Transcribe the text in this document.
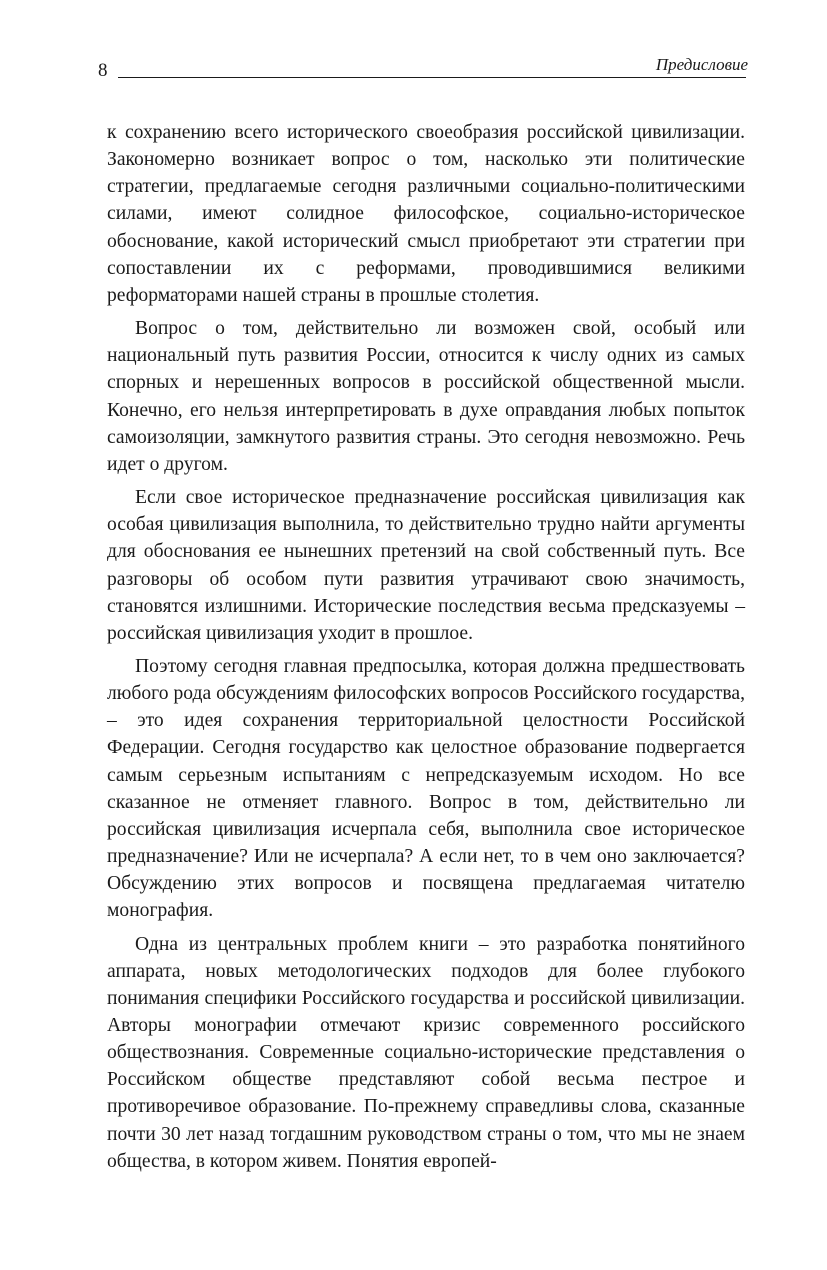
8	Предисловие

к сохранению всего исторического своеобразия российской цивилизации. Закономерно возникает вопрос о том, насколько эти политические стратегии, предлагаемые сегодня различными социально-политическими силами, имеют солидное философское, социально-историческое обоснование, какой исторический смысл приобретают эти стратегии при сопоставлении их с реформами, проводившимися великими реформаторами нашей страны в прошлые столетия.

Вопрос о том, действительно ли возможен свой, особый или национальный путь развития России, относится к числу одних из самых спорных и нерешенных вопросов в российской общественной мысли. Конечно, его нельзя интерпретировать в духе оправдания любых попыток самоизоляции, замкнутого развития страны. Это сегодня невозможно. Речь идет о другом.

Если свое историческое предназначение российская цивилизация как особая цивилизация выполнила, то действительно трудно найти аргументы для обоснования ее нынешних претензий на свой собственный путь. Все разговоры об особом пути развития утрачивают свою значимость, становятся излишними. Исторические последствия весьма предсказуемы – российская цивилизация уходит в прошлое.

Поэтому сегодня главная предпосылка, которая должна предшествовать любого рода обсуждениям философских вопросов Российского государства, – это идея сохранения территориальной целостности Российской Федерации. Сегодня государство как целостное образование подвергается самым серьезным испытаниям с непредсказуемым исходом. Но все сказанное не отменяет главного. Вопрос в том, действительно ли российская цивилизация исчерпала себя, выполнила свое историческое предназначение? Или не исчерпала? А если нет, то в чем оно заключается? Обсуждению этих вопросов и посвящена предлагаемая читателю монография.

Одна из центральных проблем книги – это разработка понятийного аппарата, новых методологических подходов для более глубокого понимания специфики Российского государства и российской цивилизации. Авторы монографии отмечают кризис современного российского обществознания. Современные социально-исторические представления о Российском обществе представляют собой весьма пестрое и противоречивое образование. По-прежнему справедливы слова, сказанные почти 30 лет назад тогдашним руководством страны о том, что мы не знаем общества, в котором живем. Понятия европей-
